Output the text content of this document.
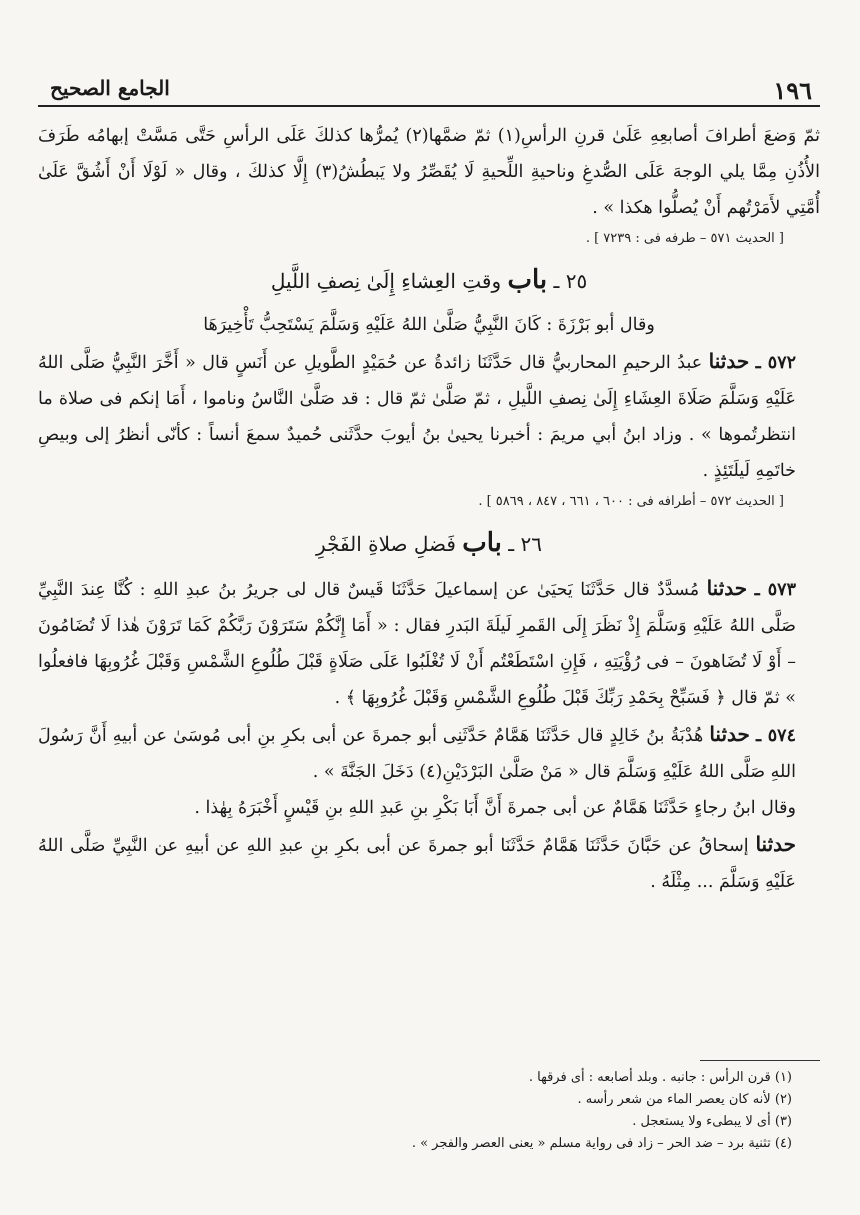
١٩٦
الجامع الصحيح

ثمّ وَضعَ أطرافَ أصابعِهِ عَلَىٰ قرنِ الرأسِ(١) ثمّ ضمَّها(٢) يُمرُّها كذلكَ عَلَى الرأسِ حَتَّى مَسَّتْ إبهامُه طَرَفَ الأُذُنِ مِمَّا يلي الوجهَ عَلَى الصُّدغِ وناحيةِ اللِّحيةِ لَا يُقَصِّرُ ولا يَبطُشُ(٣) إِلَّا كذلكَ ، وقال « لَوْلَا أَنْ أَشُقَّ عَلَىٰ أُمَّتِي لأَمَرْتُهم أَنْ يُصلُّوا هكذا » .

[ الحديث ٥٧١ – طرفه فى : ٧٢٣٩ ] .

٢٥ ـ باب وقتِ العِشاءِ إِلَىٰ نِصفِ اللَّيلِ

وقال أبو بَرْزَةَ : كَانَ النَّبِيُّ صَلَّىٰ اللهُ عَلَيْهِ وَسَلَّمَ يَسْتَحِبُّ تَأْخِيرَهَا

٥٧٢ ـ حدثنا عبدُ الرحيمِ المحاربيُّ قال حَدَّثَنَا زائدةُ عن حُمَيْدٍ الطَّويلِ عن أَنَسٍ قال « أَخَّرَ النَّبِيُّ صَلَّى اللهُ عَلَيْهِ وَسَلَّمَ صَلَاةَ العِشَاءِ إِلَىٰ نِصفِ اللَّيلِ ، ثمّ صَلَّىٰ ثمّ قال : قد صَلَّىٰ النَّاسُ وناموا ، أَمَا إنكم فى صلاة ما انتظرتُموها » . وزاد ابنُ أبي مريمَ : أخبرنا يحيىٰ بنُ أيوبَ حدَّثَنى حُميدٌ سمعَ أنساً : كأنّى أنظرُ إلى وبيصِ خاتَمِهِ لَيلَتَئِذٍ .

[ الحديث ٥٧٢ – أطرافه فى : ٦٠٠ ، ٦٦١ ، ٨٤٧ ، ٥٨٦٩ ] .

٢٦ ـ باب فَضلِ صلاةِ الفَجْرِ

٥٧٣ ـ حدثنا مُسدَّدٌ قال حَدَّثَنَا يَحيَىٰ عن إسماعيلَ حَدَّثَنَا قَيسٌ قال لى جريرُ بنُ عبدِ اللهِ : كُنَّا عِندَ النَّبِيِّ صَلَّى اللهُ عَلَيْهِ وَسَلَّمَ إِذْ نَظَرَ إِلَى القَمرِ لَيلَةَ البَدرِ فقال : « أَمَا إِنَّكُمْ سَتَرَوْنَ رَبَّكُمْ كَمَا تَرَوْنَ هٰذا لَا تُضَامُونَ – أَوْ لَا تُضَاهونَ – فى رُؤْيَتِهِ ، فَإِنِ اسْتَطَعْتُم أَنْ لَا تُغْلَبُوا عَلَى صَلَاةٍ قَبْلَ طُلُوعِ الشَّمْسِ وَقَبْلَ غُرُوبِهَا فافعلُوا » ثمّ قال ﴿ فَسَبِّحْ بِحَمْدِ رَبِّكَ قَبْلَ طُلُوعِ الشَّمْسِ وَقَبْلَ غُرُوبِهَا ﴾ .

٥٧٤ ـ حدثنا هُدْبَةُ بنُ خَالِدٍ قال حَدَّثَنَا هَمَّامٌ حَدَّثَنِى أبو جمرةَ عن أبى بكرِ بنِ أبى مُوسَىٰ عن أبيهِ أَنَّ رَسُولَ اللهِ صَلَّى اللهُ عَلَيْهِ وَسَلَّمَ قال « مَنْ صَلَّىٰ البَرْدَيْنِ(٤) دَخَلَ الجَنَّةَ » .

وقال ابنُ رجاءٍ حَدَّثَنَا هَمَّامٌ عن أبى جمرةَ أَنَّ أَبَا بَكْرِ بنِ عَبدِ اللهِ بنِ قَيْسٍ أَخْبَرَهُ بِهٰذا .

حدثنا إسحاقُ عن حَبَّانَ حَدَّثَنَا هَمَّامٌ حَدَّثَنَا أبو جمرةَ عن أبى بكرِ بنِ عبدِ اللهِ عن أبيهِ عن النَّبِيِّ صَلَّى اللهُ عَلَيْهِ وَسَلَّمَ ... مِثْلَهُ .

(١) قرن الرأس : جانبه . وبلد أصابعه : أى فرقها .

(٢) لأنه كان يعصر الماء من شعر رأسه .

(٣) أى لا يبطىء ولا يستعجل .

(٤) تثنية برد – ضد الحر – زاد فى رواية مسلم « يعنى العصر والفجر » .
